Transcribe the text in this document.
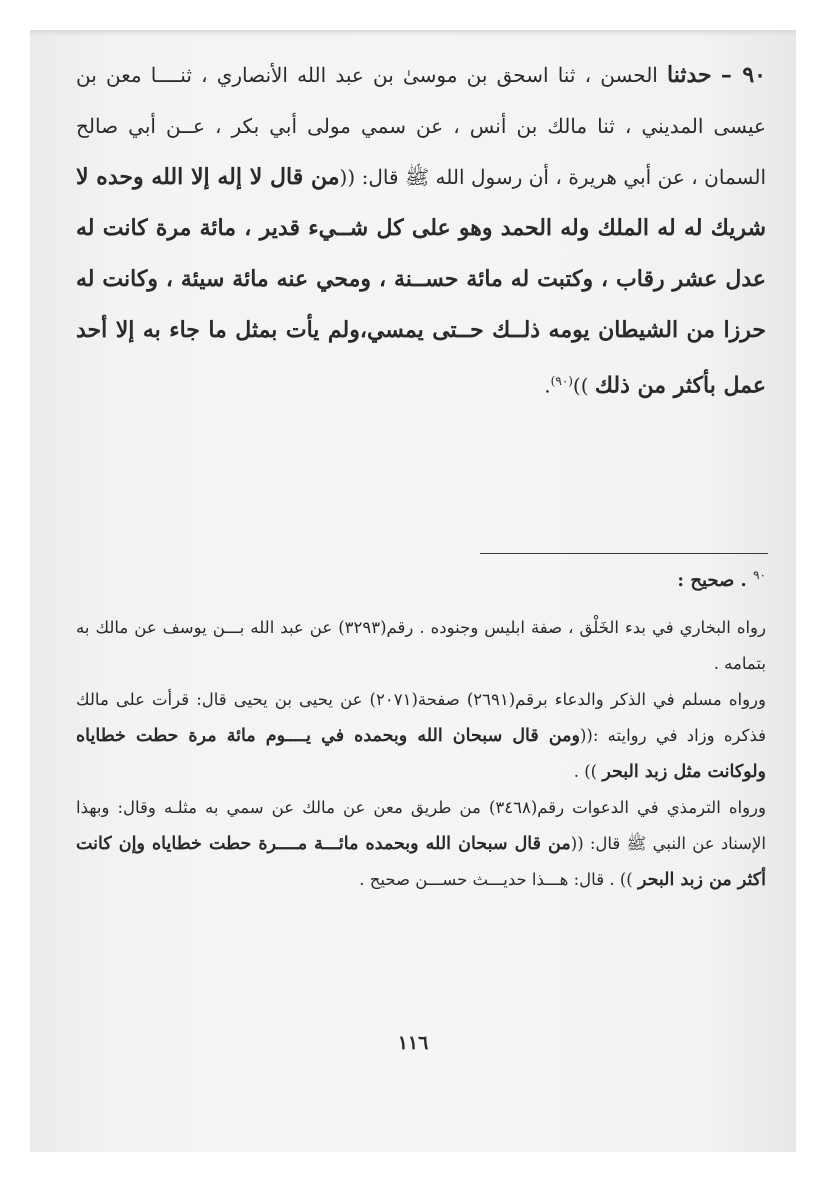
٩٠ – حدثنا الحسن ، ثنا اسحق بن موسىٰ بن عبد الله الأنصاري ، ثنــــا معن بن عيسى المديني ، ثنا مالك بن أنس ، عن سمي مولى أبي بكر ، عــن أبي صالح السمان ، عن أبي هريرة ، أن رسول الله ﷺ قال: ((من قال لا إله إلا الله وحده لا شريك له له الملك وله الحمد وهو على كل شــيء قدير ، مائة مرة كانت له عدل عشر رقاب ، وكتبت له مائة حســنة ، ومحي عنه مائة سيئة ، وكانت له حرزا من الشيطان يومه ذلــك حــتى يمسي،ولم يأت بمثل ما جاء به إلا أحد عمل بأكثر من ذلك ))$^{(٩٠)}$.
$^{٩٠}$ . صحيح :
رواه البخاري في بدء الخَلْق ، صفة ابليس وجنوده . رقم(٣٢٩٣) عن عبد الله بـــن يوسف عن مالك به بتمامه .
ورواه مسلم في الذكر والدعاء برقم(٢٦٩١) صفحة(٢٠٧١) عن يحيى بن يحيى قال: قرأت على مالك فذكره وزاد في روايته :((ومن قال سبحان الله وبحمده في يــــوم مائة مرة حطت خطاياه ولوكانت مثل زبد البحر )) .
ورواه الترمذي في الدعوات رقم(٣٤٦٨) من طريق معن عن مالك عن سمي به مثلـه وقال: وبهذا الإسناد عن النبي ﷺ قال: ((من قال سبحان الله وبحمده مائـــة مــــرة حطت خطاياه وإن كانت أكثر من زبد البحر )) . قال: هـــذا حديـــث حســـن صحيح .
١١٦
